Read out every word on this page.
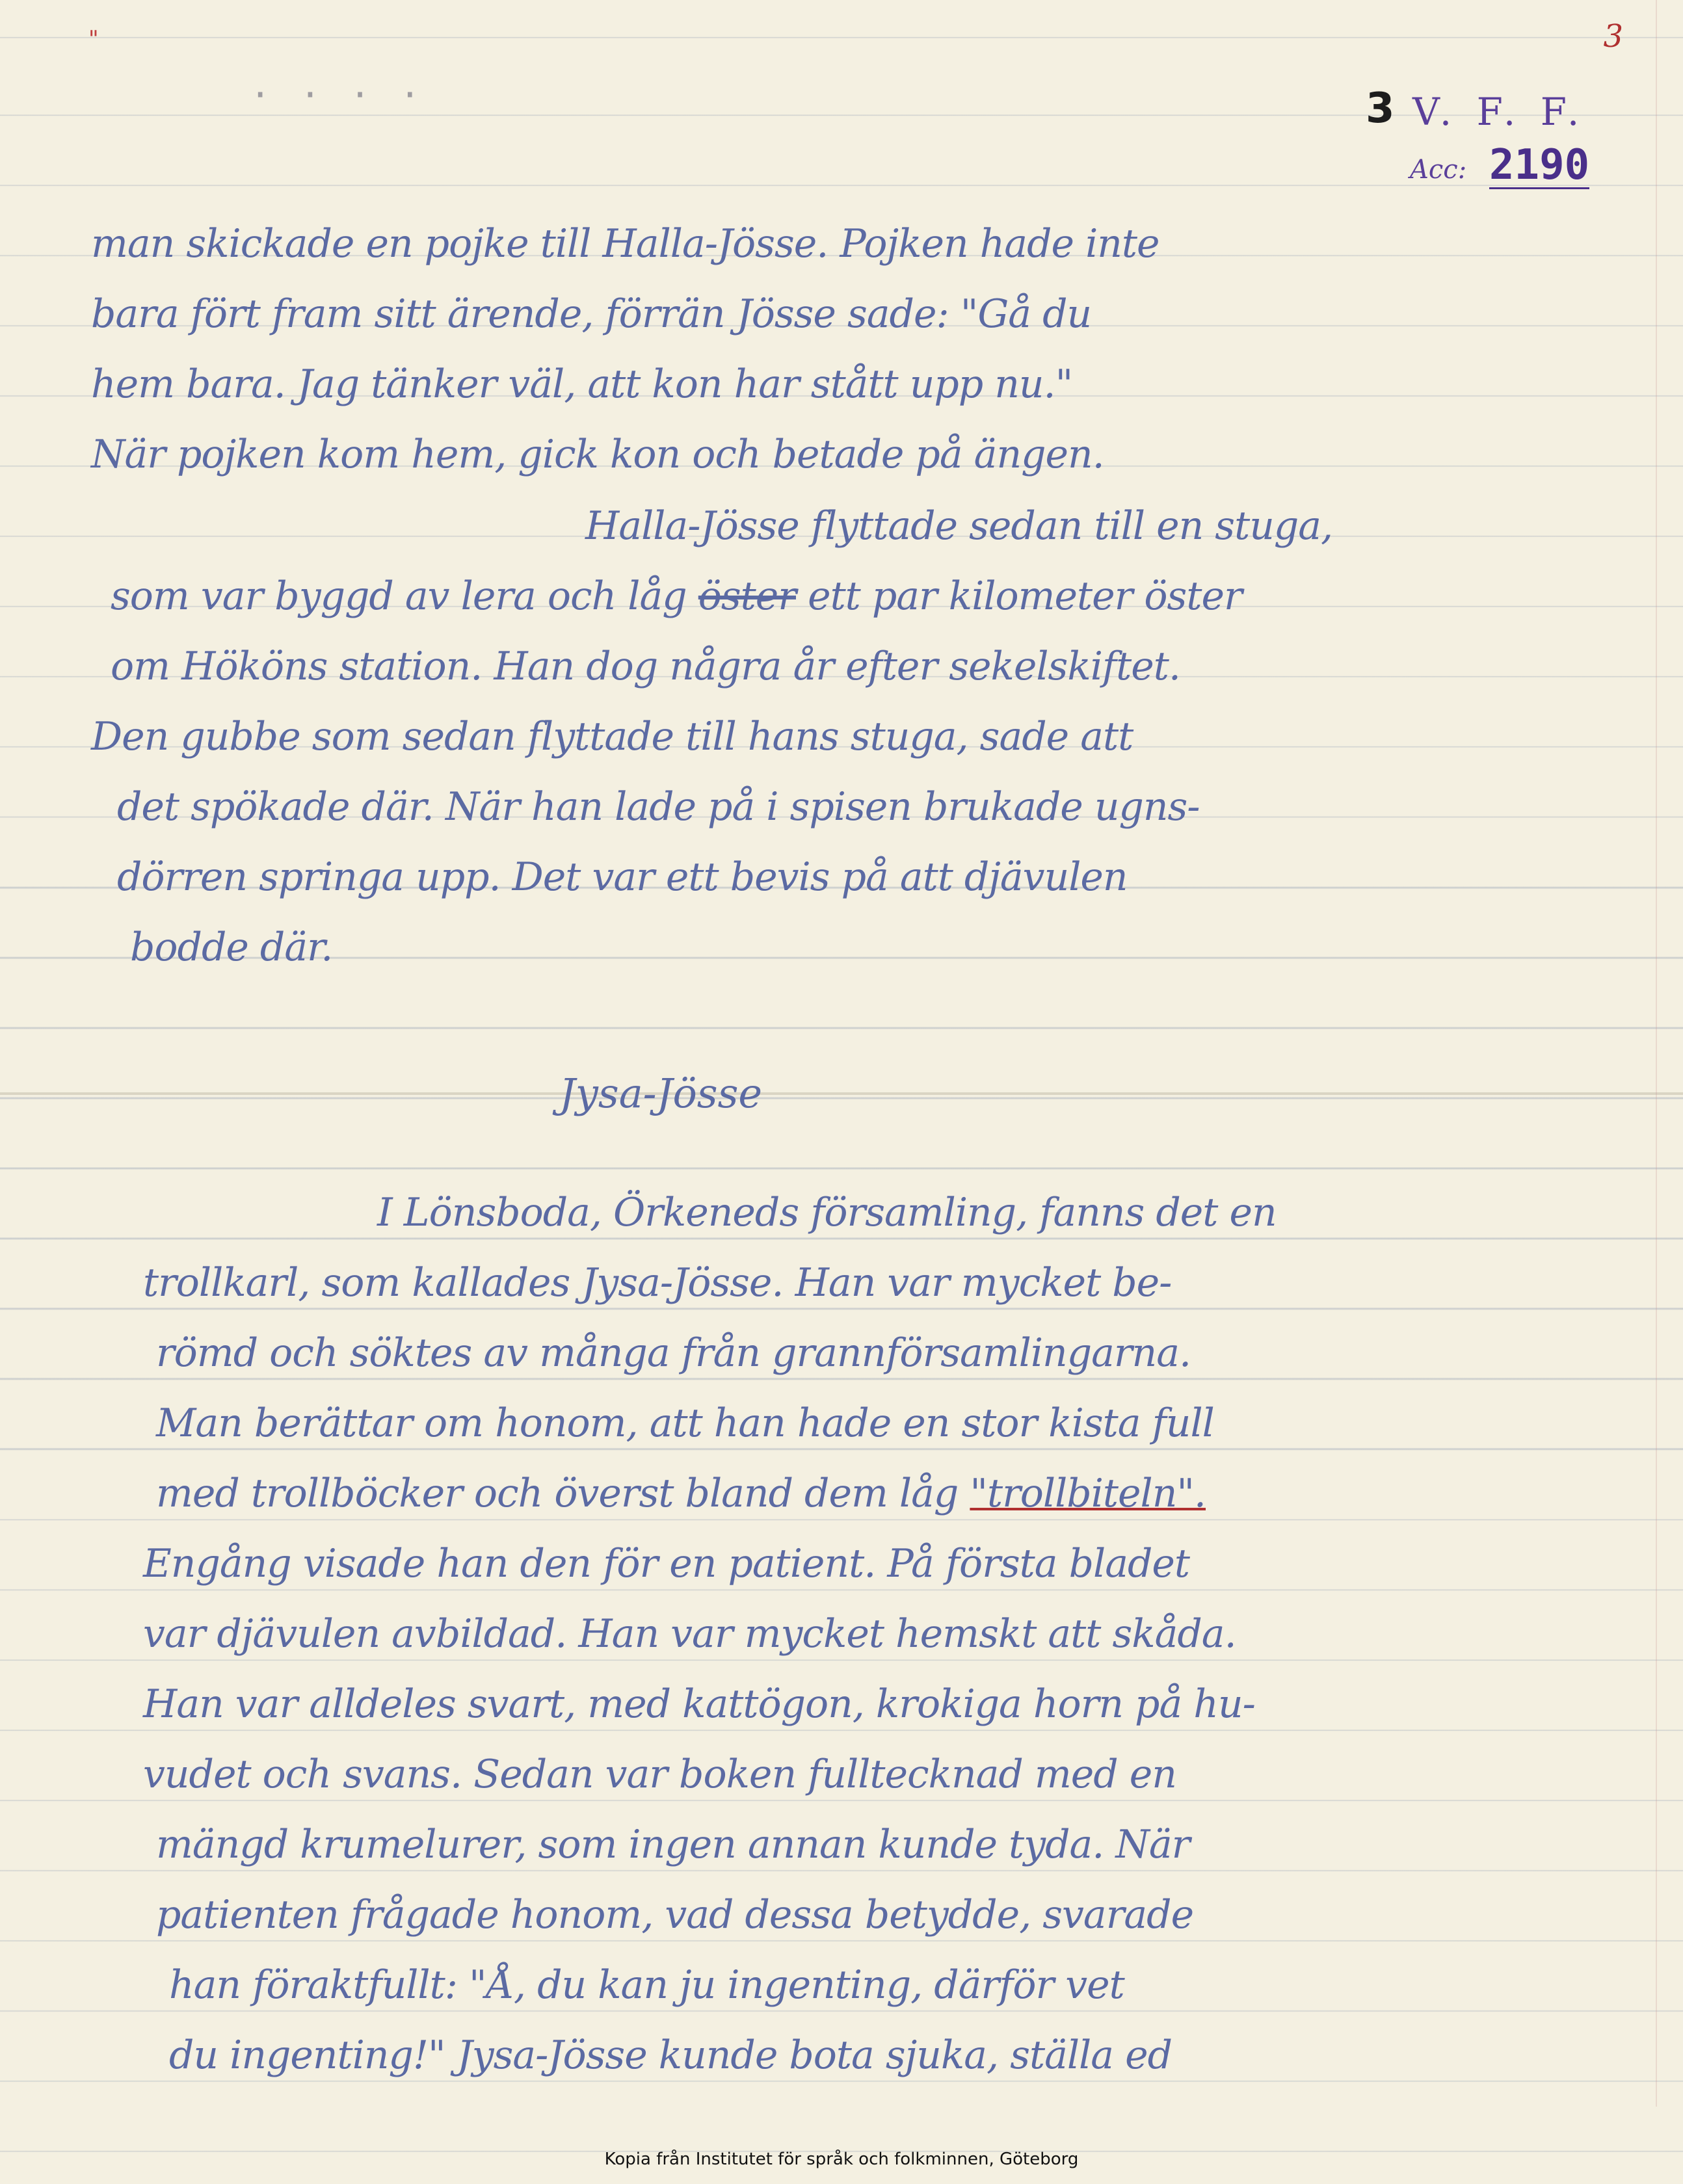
"
· · · ·
3
3 V. F. F.
Acc: 2190
man skickade en pojke till Halla-Jösse. Pojken hade inte
bara fört fram sitt ärende, förrän Jösse sade: "Gå du
hem bara. Jag tänker väl, att kon har stått upp nu."
När pojken kom hem, gick kon och betade på ängen.
Halla-Jösse flyttade sedan till en stuga,
som var byggd av lera och låg öster ett par kilometer öster
om Hököns station. Han dog några år efter sekelskiftet.
Den gubbe som sedan flyttade till hans stuga, sade att
det spökade där. När han lade på i spisen brukade ugns-
dörren springa upp. Det var ett bevis på att djävulen
bodde där.
Jysa-Jösse
I Lönsboda, Örkeneds församling, fanns det en
trollkarl, som kallades Jysa-Jösse. Han var mycket be-
römd och söktes av många från grannförsamlingarna.
Man berättar om honom, att han hade en stor kista full
med trollböcker och överst bland dem låg "trollbiteln".
Engång visade han den för en patient. På första bladet
var djävulen avbildad. Han var mycket hemskt att skåda.
Han var alldeles svart, med kattögon, krokiga horn på hu-
vudet och svans. Sedan var boken fulltecknad med en
mängd krumelurer, som ingen annan kunde tyda. När
patienten frågade honom, vad dessa betydde, svarade
han föraktfullt: "Å, du kan ju ingenting, därför vet
du ingenting!" Jysa-Jösse kunde bota sjuka, ställa ed
Kopia från Institutet för språk och folkminnen, Göteborg
